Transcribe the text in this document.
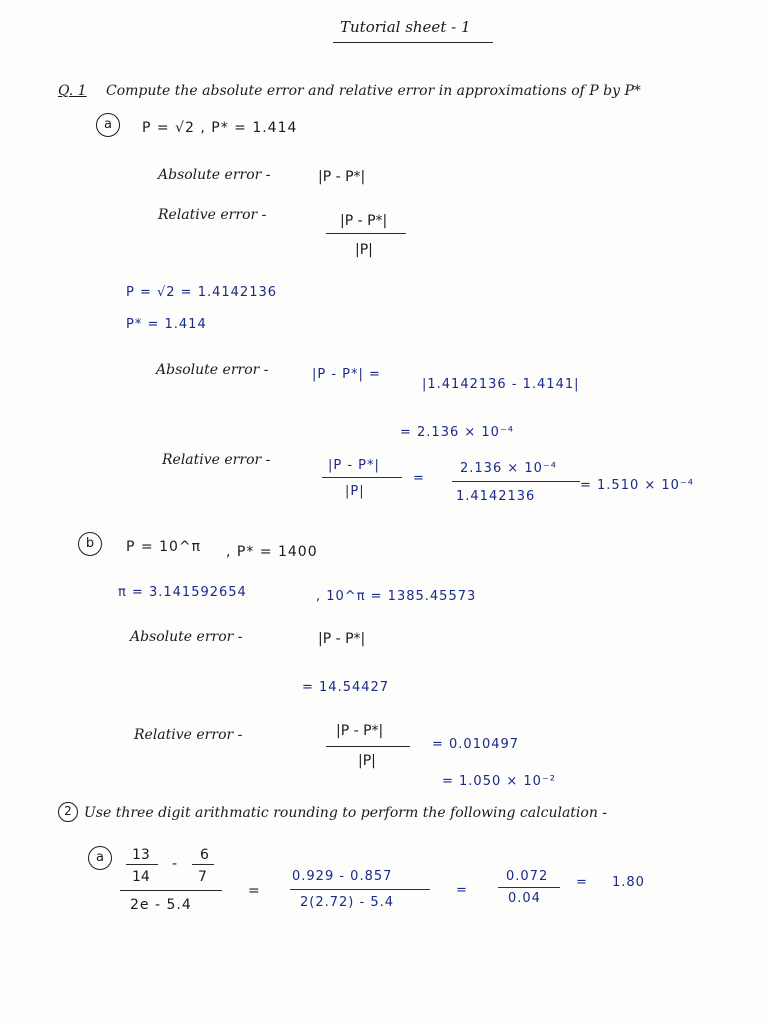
Tutorial sheet - 1
Q. 1 Compute the absolute error and relative error in approximations of P by P*
a	P = √2 , P* = 1.414
Absolute error -	|P - P*|
Relative error -	|P - P*|
|P|
P = √2 = 1.4142136
P* = 1.414
Absolute error -	|P - P*| =
|1.4142136 - 1.4141|
= 2.136 × 10⁻⁴
Relative error -	|P - P*|
|P|
=
2.136 × 10⁻⁴
1.4142136
= 1.510 × 10⁻⁴
b	P = 10^π , P* = 1400
π = 3.141592654	, 10^π = 1385.45573
Absolute error -	|P - P*|
= 14.54427
Relative error -	|P - P*|
|P|
= 0.010497
= 1.050 × 10⁻²
2 Use three digit arithmatic rounding to perform the following calculation -
a	13
14
-
6
7
2e - 5.4
=
0.929 - 0.857
2(2.72) - 5.4
=
0.072
0.04
= 1.80
